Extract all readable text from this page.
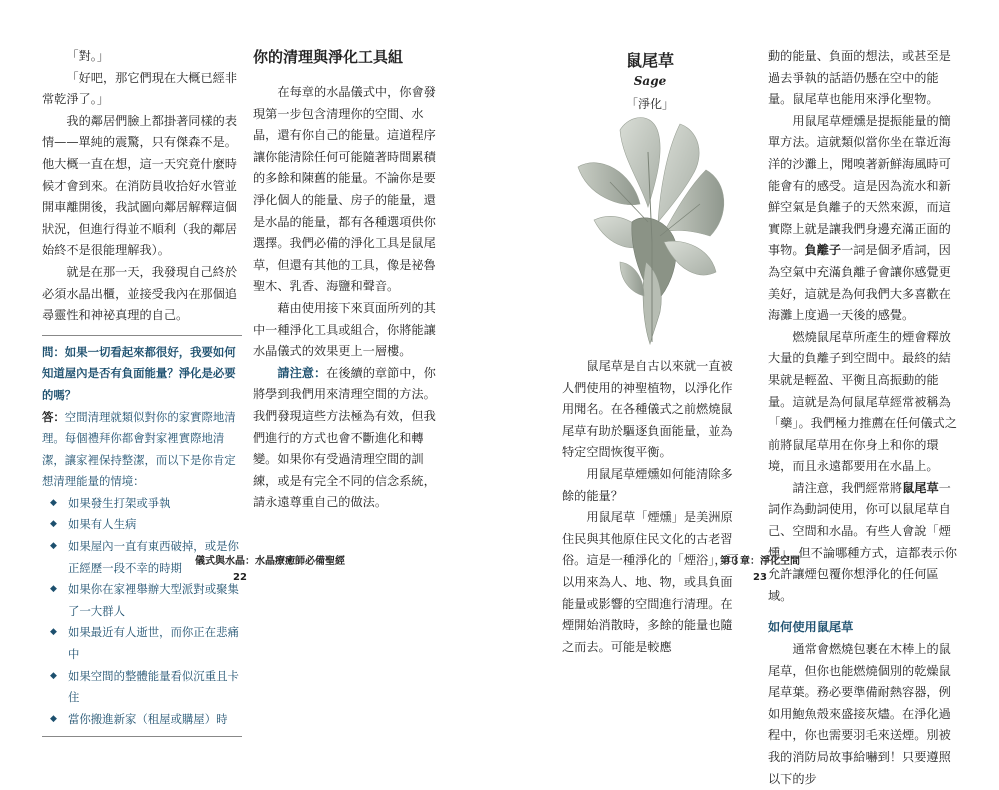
「對。」

「好吧，那它們現在大概已經非常乾淨了。」

我的鄰居們臉上都掛著同樣的表情——單純的震驚，只有傑森不是。他大概一直在想，這一天究竟什麼時候才會到來。在消防員收拾好水管並開車離開後，我試圖向鄰居解釋這個狀況，但進行得並不順利（我的鄰居始終不是很能理解我）。

就是在那一天，我發現自己終於必須水晶出櫃，並接受我內在那個追尋靈性和神祕真理的自己。

問：如果一切看起來都很好，我要如何知道屋內是否有負面能量？淨化是必要的嗎？

答：空間清理就類似對你的家實際地清理。每個禮拜你都會對家裡實際地清潔，讓家裡保持整潔，而以下是你肯定想清理能量的情境：

◆ 如果發生打架或爭執
◆ 如果有人生病
◆ 如果屋內一直有東西破掉，或是你正經歷一段不幸的時期
◆ 如果你在家裡舉辦大型派對或聚集了一大群人
◆ 如果最近有人逝世，而你正在悲痛中
◆ 如果空間的整體能量看似沉重且卡住
◆ 當你搬進新家（租屋或購屋）時
你的清理與淨化工具組

在每章的水晶儀式中，你會發現第一步包含清理你的空間、水晶，還有你自己的能量。這道程序讓你能清除任何可能隨著時間累積的多餘和陳舊的能量。不論你是要淨化個人的能量、房子的能量，還是水晶的能量，都有各種選項供你選擇。我們必備的淨化工具是鼠尾草，但還有其他的工具，像是祕魯聖木、乳香、海鹽和聲音。

藉由使用接下來頁面所列的其中一種淨化工具或組合，你將能讓水晶儀式的效果更上一層樓。

請注意：在後續的章節中，你將學到我們用來清理空間的方法。我們發現這些方法極為有效，但我們進行的方式也會不斷進化和轉變。如果你有受過清理空間的訓練，或是有完全不同的信念系統，請永遠尊重自己的做法。

儀式與水晶：水晶療癒師必備聖經
22
鼠尾草
Sage
「淨化」

鼠尾草是自古以來就一直被人們使用的神聖植物，以淨化作用聞名。在各種儀式之前燃燒鼠尾草有助於驅逐負面能量，並為特定空間恢復平衡。

用鼠尾草煙燻如何能清除多餘的能量？

用鼠尾草「煙燻」是美洲原住民與其他原住民文化的古老習俗。這是一種淨化的「煙浴」，可以用來為人、地、物，或具負面能量或影響的空間進行清理。在煙開始消散時，多餘的能量也隨之而去。可能是較應

動的能量、負面的想法，或甚至是過去爭執的話語仍懸在空中的能量。鼠尾草也能用來淨化聖物。

用鼠尾草煙燻是提振能量的簡單方法。這就類似當你坐在靠近海洋的沙灘上，聞嗅著新鮮海風時可能會有的感受。這是因為流水和新鮮空氣是負離子的天然來源，而這實際上就是讓我們身邊充滿正面的事物。負離子一詞是個矛盾詞，因為空氣中充滿負離子會讓你感覺更美好，這就是為何我們大多喜歡在海灘上度過一天後的感覺。

燃燒鼠尾草所產生的煙會釋放大量的負離子到空間中。最終的結果就是輕盈、平衡且高振動的能量。這就是為何鼠尾草經常被稱為「藥」。我們極力推薦在任何儀式之前將鼠尾草用在你身上和你的環境，而且永遠都要用在水晶上。

請注意，我們經常將鼠尾草一詞作為動詞使用，你可以鼠尾草自己、空間和水晶。有些人會說「煙燻」，但不論哪種方式，這都表示你允許讓煙包覆你想淨化的任何區域。

如何使用鼠尾草

通常會燃燒包裹在木棒上的鼠尾草，但你也能燃燒個別的乾燥鼠尾草葉。務必要準備耐熱容器，例如用鮑魚殼來盛接灰燼。在淨化過程中，你也需要羽毛來送煙。別被我的消防局故事給嚇到！只要遵照以下的步

第３章：淨化空間
23
